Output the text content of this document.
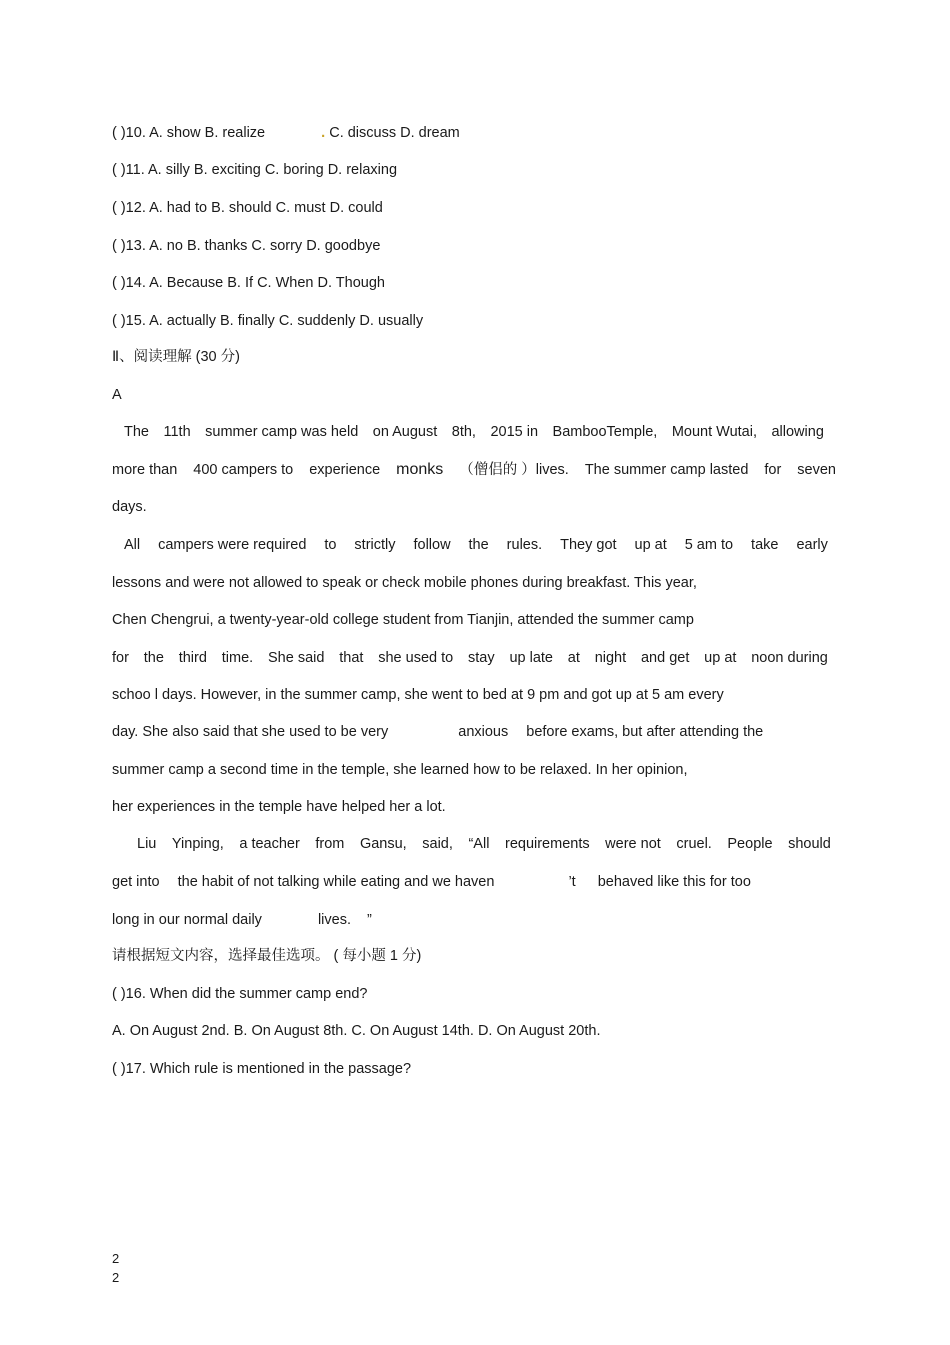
( )10. A. show B. realize	. C. discuss D. dream
( )11. A. silly B. exciting C. boring D. relaxing
( )12. A. had to B. should C. must D. could
( )13. A. no B. thanks C. sorry D. goodbye
( )14. A. Because B. If C. When D. Though
( )15. A. actually B. finally C. suddenly D. usually
Ⅱ、阅读理解 (30 分)
A
The 11th summer camp was held on August 8th, 2015 in BambooTemple, Mount Wutai, allowing
more than 400 campers to experience monks （僧侣的 ）lives. The summer camp lasted for seven
days.
All campers were required to strictly follow the rules. They got up at 5 am to take early
lessons and were not allowed to speak or check mobile phones during breakfast. This year,
Chen Chengrui, a twenty-year-old college student from Tianjin, attended the summer camp
for the third time. She said that she used to stay up late at night and get up at noon during
schoo l days. However, in the summer camp, she went to bed at 9 pm and got up at 5 am every
day. She also said that she used to be very	anxious before exams, but after attending the
summer camp a second time in the temple, she learned how to be relaxed. In her opinion,
her experiences in the temple have helped her a lot.
Liu Yinping, a teacher from Gansu, said, “All requirements were not cruel. People should
get into the habit of not talking while eating and we haven	’t behaved like this for too
long in our normal daily	lives. ”
请根据短文内容，选择最佳选项。 ( 每小题 1 分)
( )16. When did the summer camp end?
A. On August 2nd. B. On August 8th. C. On August 14th. D. On August 20th.
( )17. Which rule is mentioned in the passage?
2
2
